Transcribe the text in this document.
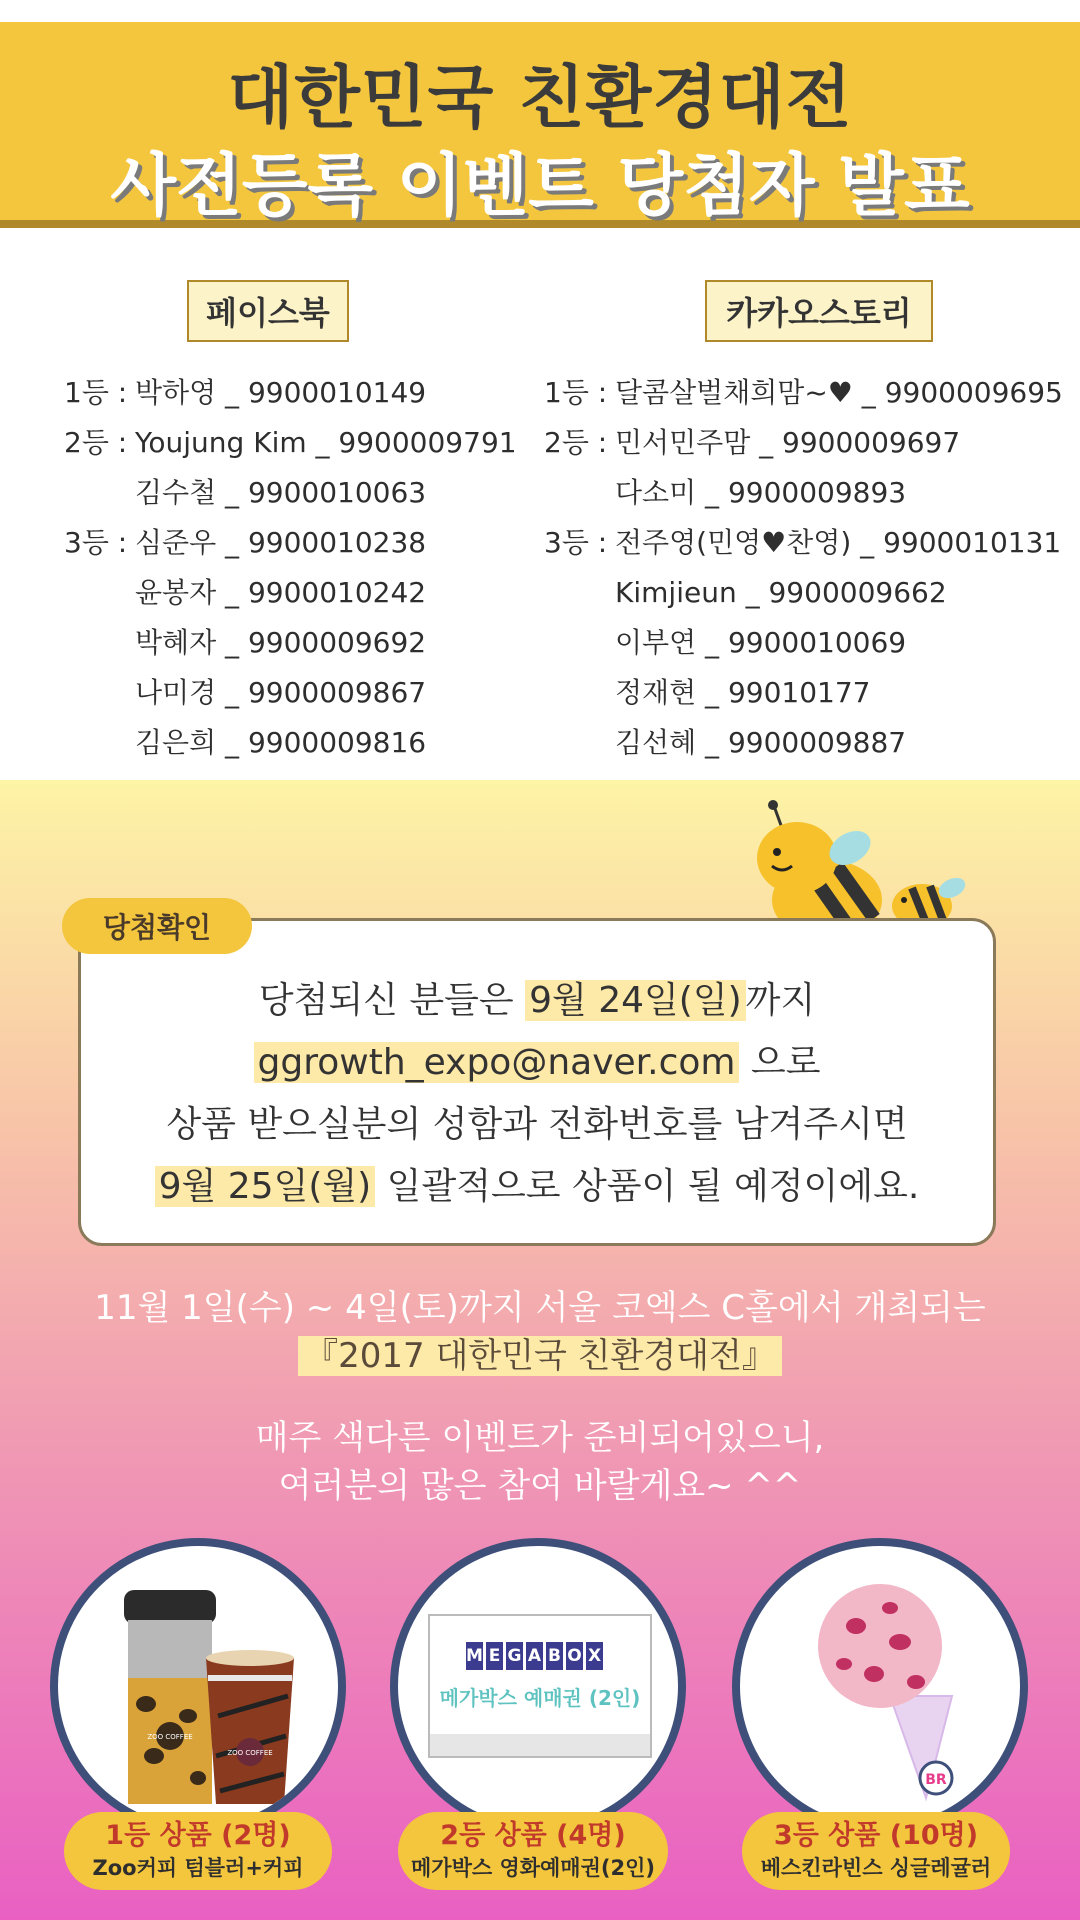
대한민국 친환경대전
사전등록 이벤트 당첨자 발표
페이스북	카카오스토리
1등 : 박하영 _ 9900010149
2등 : Youjung Kim _ 9900009791
김수철 _ 9900010063
3등 : 심준우 _ 9900010238
윤봉자 _ 9900010242
박혜자 _ 9900009692
나미경 _ 9900009867
김은희 _ 9900009816
1등 : 달콤살벌채희맘~♥ _ 9900009695
2등 : 민서민주맘 _ 9900009697
다소미 _ 9900009893
3등 : 전주영(민영♥찬영) _ 9900010131
Kimjieun _ 9900009662
이부연 _ 9900010069
정재현 _ 99010177
김선혜 _ 9900009887
당첨확인
당첨되신 분들은 9월 24일(일) 까지
ggrowth_expo@naver.com 으로
상품 받으실분의 성함과 전화번호를 남겨주시면
9월 25일(월) 일괄적으로 상품이 될 예정이에요.
11월 1일(수) ~ 4일(토)까지 서울 코엑스 C홀에서 개최되는
『2017 대한민국 친환경대전』
매주 색다른 이벤트가 준비되어있으니,
여러분의 많은 참여 바랄게요~ ^^
ZOO COFFEE
ZOO COFFEE
1등 상품 (2명)
Zoo커피 텀블러+커피
M E G A B O X
메가박스 예매권 (2인)
2등 상품 (4명)
메가박스 영화예매권(2인)
BR
3등 상품 (10명)
베스킨라빈스 싱글레귤러
